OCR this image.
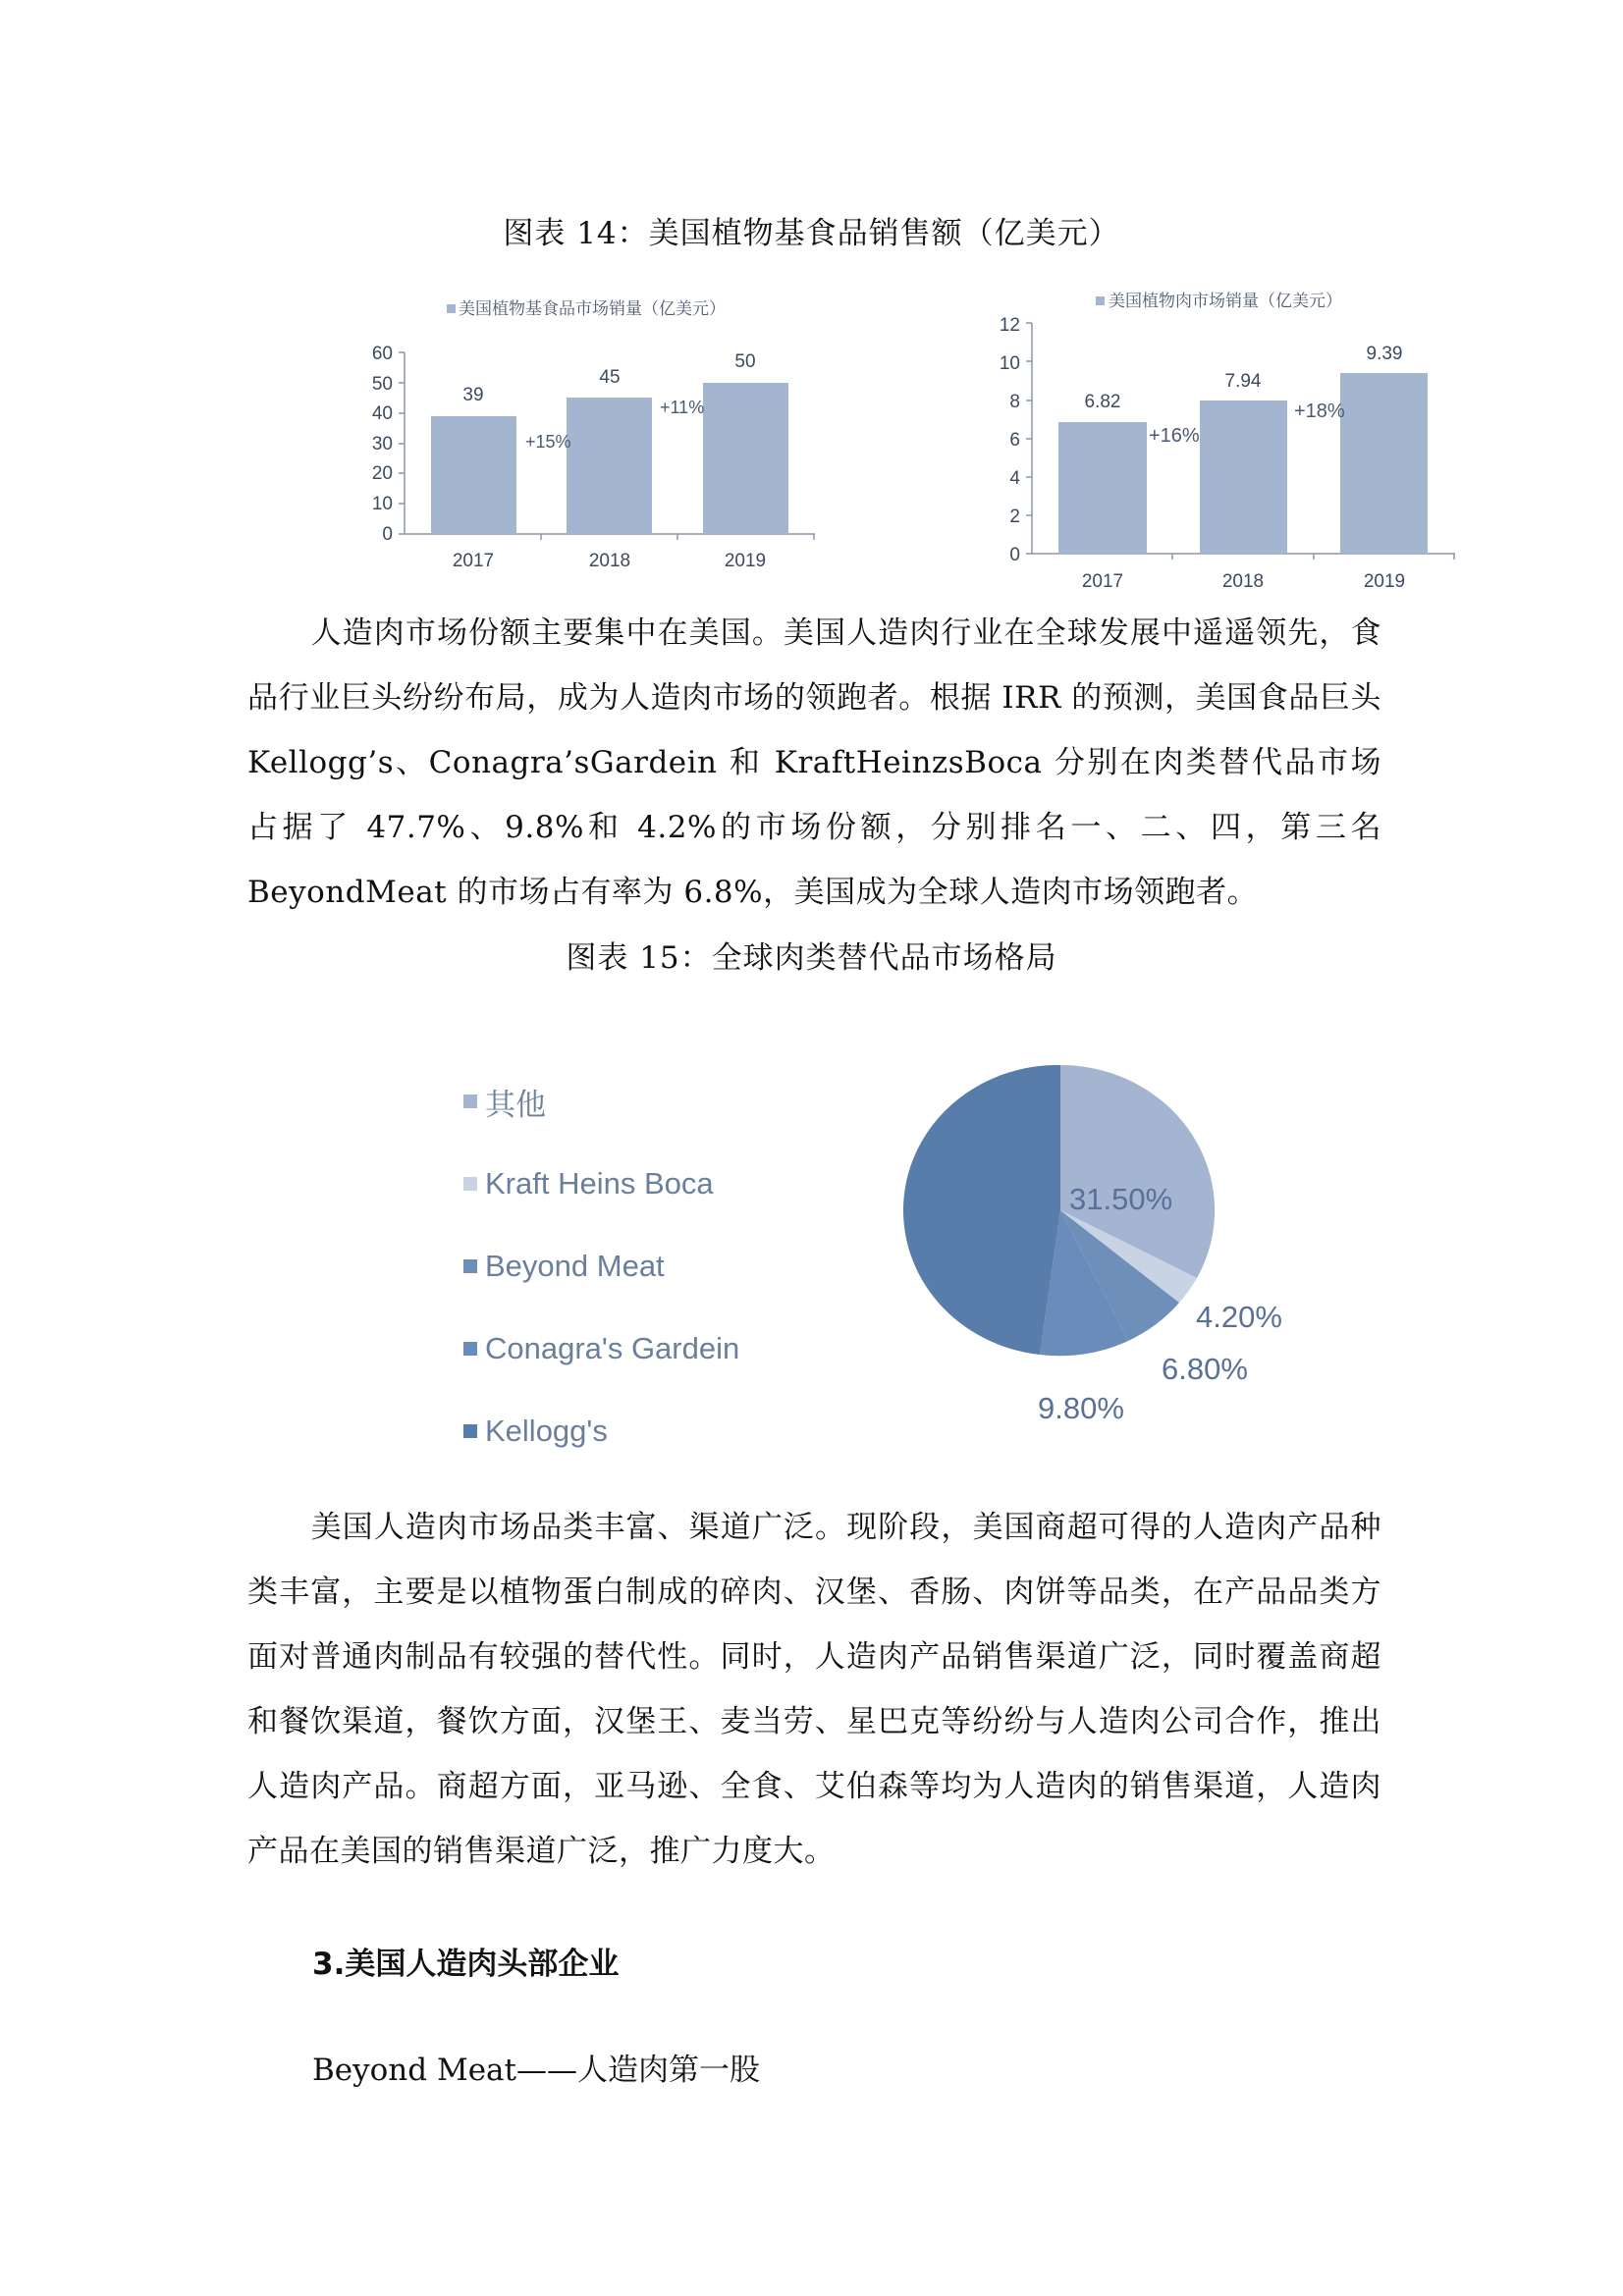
图表 14：美国植物基食品销售额（亿美元）
美国植物基食品市场销量（亿美元）
0
10
20
30
40
50
60
39
45
50
+15%
+11%
2017	2018	2019
美国植物肉市场销量（亿美元）
0
2
4
6
8
10
12
6.82
7.94
9.39
+16%
+18%
2017	2018	2019
人造肉市场份额主要集中在美国。美国人造肉行业在全球发展中遥遥领先，食品行业巨头纷纷布局，成为人造肉市场的领跑者。根据 IRR 的预测，美国食品巨头 Kellogg’s、Conagra’sGardein 和 KraftHeinzsBoca 分别在肉类替代品市场占据了 47.7%、9.8%和 4.2%的市场份额，分别排名一、二、四，第三名 BeyondMeat 的市场占有率为 6.8%，美国成为全球人造肉市场领跑者。
图表 15：全球肉类替代品市场格局
其他
Kraft Heins Boca
Beyond Meat
Conagra's Gardein
Kellogg's
31.50%
4.20%
6.80%
9.80%
美国人造肉市场品类丰富、渠道广泛。现阶段，美国商超可得的人造肉产品种类丰富，主要是以植物蛋白制成的碎肉、汉堡、香肠、肉饼等品类，在产品品类方面对普通肉制品有较强的替代性。同时，人造肉产品销售渠道广泛，同时覆盖商超和餐饮渠道，餐饮方面，汉堡王、麦当劳、星巴克等纷纷与人造肉公司合作，推出人造肉产品。商超方面，亚马逊、全食、艾伯森等均为人造肉的销售渠道，人造肉产品在美国的销售渠道广泛，推广力度大。
3.美国人造肉头部企业
Beyond Meat——人造肉第一股
